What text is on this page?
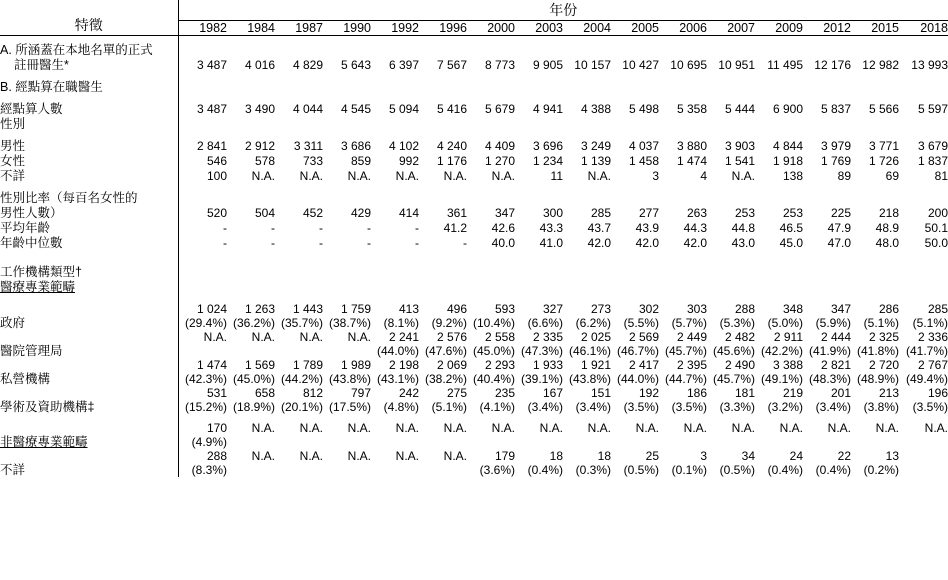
特徵	年份															
	1982	1984	1987	1990	1992	1996	2000	2003	2004	2005	2006	2007	2009	2012	2015	2018

A. 所涵蓋在本地名單的正式
註冊醫生*	3 487	4 016	4 829	5 643	6 397	7 567	8 773	9 905	10 157	10 427	10 695	10 951	11 495	12 176	12 982	13 993

B. 經點算在職醫生																

經點算人數	3 487	3 490	4 044	4 545	5 094	5 416	5 679	4 941	4 388	5 498	5 358	5 444	6 900	5 837	5 566	5 597
性別																

男性	2 841	2 912	3 311	3 686	4 102	4 240	4 409	3 696	3 249	4 037	3 880	3 903	4 844	3 979	3 771	3 679
女性	546	578	733	859	992	1 176	1 270	1 234	1 139	1 458	1 474	1 541	1 918	1 769	1 726	1 837
不詳	100	N.A.	N.A.	N.A.	N.A.	N.A.	N.A.	11	N.A.	3	4	N.A.	138	89	69	81

性別比率（每百名女性的
男性人數）	520	504	452	429	414	361	347	300	285	277	263	253	253	225	218	200
平均年齡	-	-	-	-	-	41.2	42.6	43.3	43.7	43.9	44.3	44.8	46.5	47.9	48.9	50.1
年齡中位數	-	-	-	-	-	-	40.0	41.0	42.0	42.0	42.0	43.0	45.0	47.0	48.0	50.0

工作機構類型†																
醫療專業範疇																

政府	1 024	1 263	1 443	1 759	413	496	593	327	273	302	303	288	348	347	286	285
	(29.4%)	(36.2%)	(35.7%)	(38.7%)	(8.1%)	(9.2%)	(10.4%)	(6.6%)	(6.2%)	(5.5%)	(5.7%)	(5.3%)	(5.0%)	(5.9%)	(5.1%)	(5.1%)
醫院管理局	N.A.	N.A.	N.A.	N.A.	2 241	2 576	2 558	2 335	2 025	2 569	2 449	2 482	2 911	2 444	2 325	2 336
					(44.0%)	(47.6%)	(45.0%)	(47.3%)	(46.1%)	(46.7%)	(45.7%)	(45.6%)	(42.2%)	(41.9%)	(41.8%)	(41.7%)
私營機構	1 474	1 569	1 789	1 989	2 198	2 069	2 293	1 933	1 921	2 417	2 395	2 490	3 388	2 821	2 720	2 767
	(42.3%)	(45.0%)	(44.2%)	(43.8%)	(43.1%)	(38.2%)	(40.4%)	(39.1%)	(43.8%)	(44.0%)	(44.7%)	(45.7%)	(49.1%)	(48.3%)	(48.9%)	(49.4%)
學術及資助機構‡	531	658	812	797	242	275	235	167	151	192	186	181	219	201	213	196
	(15.2%)	(18.9%)	(20.1%)	(17.5%)	(4.8%)	(5.1%)	(4.1%)	(3.4%)	(3.4%)	(3.5%)	(3.5%)	(3.3%)	(3.2%)	(3.4%)	(3.8%)	(3.5%)

非醫療專業範疇	170	N.A.	N.A.	N.A.	N.A.	N.A.	N.A.	N.A.	N.A.	N.A.	N.A.	N.A.	N.A.	N.A.	N.A.	N.A.
	(4.9%)															
不詳	288	N.A.	N.A.	N.A.	N.A.	N.A.	179	18	18	25	3	34	24	22	13	
	(8.3%)						(3.6%)	(0.4%)	(0.3%)	(0.5%)	(0.1%)	(0.5%)	(0.4%)	(0.4%)	(0.2%)	
